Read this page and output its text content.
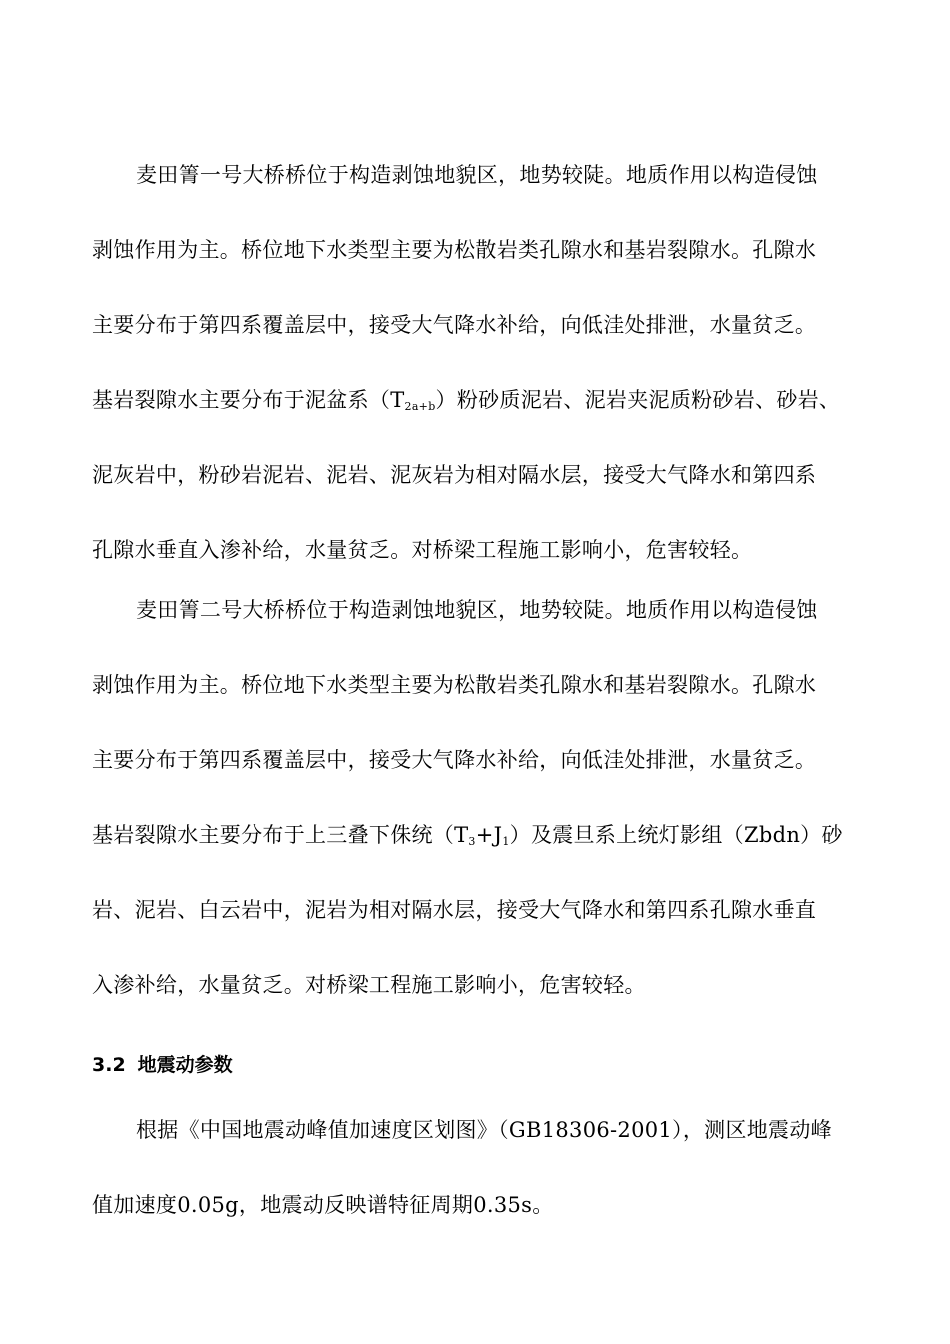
麦田箐一号大桥桥位于构造剥蚀地貌区，地势较陡。地质作用以构造侵蚀
剥蚀作用为主。桥位地下水类型主要为松散岩类孔隙水和基岩裂隙水。孔隙水
主要分布于第四系覆盖层中，接受大气降水补给，向低洼处排泄，水量贫乏。
基岩裂隙水主要分布于泥盆系$(T_{2a+b})$粉砂质泥岩、泥岩夹泥质粉砂岩、砂岩、
泥灰岩中，粉砂岩泥岩、泥岩、泥灰岩为相对隔水层，接受大气降水和第四系
孔隙水垂直入渗补给，水量贫乏。对桥梁工程施工影响小，危害较轻。
麦田箐二号大桥桥位于构造剥蚀地貌区，地势较陡。地质作用以构造侵蚀
剥蚀作用为主。桥位地下水类型主要为松散岩类孔隙水和基岩裂隙水。孔隙水
主要分布于第四系覆盖层中，接受大气降水补给，向低洼处排泄，水量贫乏。
基岩裂隙水主要分布于上三叠下侏统$(T_3+J_1)$及震旦系上统灯影组（Zbdn）砂
岩、泥岩、白云岩中，泥岩为相对隔水层，接受大气降水和第四系孔隙水垂直
入渗补给，水量贫乏。对桥梁工程施工影响小，危害较轻。
3.2 地震动参数
根据《中国地震动峰值加速度区划图》（GB18306-2001），测区地震动峰
值加速度0.05g，地震动反映谱特征周期0.35s。
